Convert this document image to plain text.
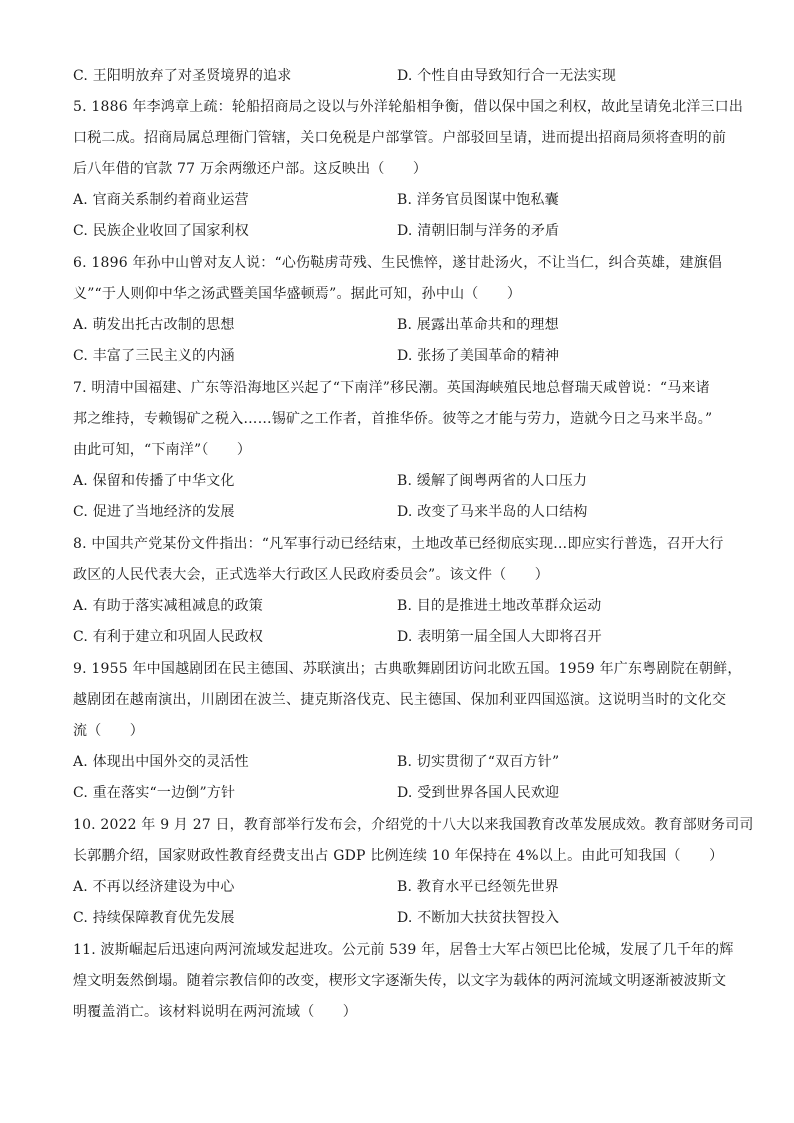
C. 王阳明放弃了对圣贤境界的追求	D. 个性自由导致知行合一无法实现
5. 1886 年李鸿章上疏：轮船招商局之设以与外洋轮船相争衡，借以保中国之利权，故此呈请免北洋三口出
口税二成。招商局属总理衙门管辖，关口免税是户部掌管。户部驳回呈请，进而提出招商局须将查明的前
后八年借的官款 77 万余两缴还户部。这反映出（　　）
A. 官商关系制约着商业运营	B. 洋务官员图谋中饱私囊
C. 民族企业收回了国家利权	D. 清朝旧制与洋务的矛盾
6. 1896 年孙中山曾对友人说：“心伤鞑虏苛残、生民憔悴，遂甘赴汤火，不让当仁，纠合英雄，建旗倡
义”“于人则仰中华之汤武暨美国华盛顿焉”。据此可知，孙中山（　　）
A. 萌发出托古改制的思想	B. 展露出革命共和的理想
C. 丰富了三民主义的内涵	D. 张扬了美国革命的精神
7. 明清中国福建、广东等沿海地区兴起了“下南洋”移民潮。英国海峡殖民地总督瑞天咸曾说：“马来诸
邦之维持，专赖锡矿之税入……锡矿之工作者，首推华侨。彼等之才能与劳力，造就今日之马来半岛。”
由此可知，“下南洋”（　　）
A. 保留和传播了中华文化	B. 缓解了闽粤两省的人口压力
C. 促进了当地经济的发展	D. 改变了马来半岛的人口结构
8. 中国共产党某份文件指出：“凡军事行动已经结束，土地改革已经彻底实现…即应实行普选，召开大行
政区的人民代表大会，正式选举大行政区人民政府委员会”。该文件（　　）
A. 有助于落实减租减息的政策	B. 目的是推进土地改革群众运动
C. 有利于建立和巩固人民政权	D. 表明第一届全国人大即将召开
9. 1955 年中国越剧团在民主德国、苏联演出；古典歌舞剧团访问北欧五国。1959 年广东粤剧院在朝鲜，
越剧团在越南演出，川剧团在波兰、捷克斯洛伐克、民主德国、保加利亚四国巡演。这说明当时的文化交
流（　　）
A. 体现出中国外交的灵活性	B. 切实贯彻了“双百方针”
C. 重在落实“一边倒”方针	D. 受到世界各国人民欢迎
10. 2022 年 9 月 27 日，教育部举行发布会，介绍党的十八大以来我国教育改革发展成效。教育部财务司司
长郭鹏介绍，国家财政性教育经费支出占 GDP 比例连续 10 年保持在 4%以上。由此可知我国（　　）
A. 不再以经济建设为中心	B. 教育水平已经领先世界
C. 持续保障教育优先发展	D. 不断加大扶贫扶智投入
11. 波斯崛起后迅速向两河流域发起进攻。公元前 539 年，居鲁士大军占领巴比伦城，发展了几千年的辉
煌文明轰然倒塌。随着宗教信仰的改变，楔形文字逐渐失传，以文字为载体的两河流域文明逐渐被波斯文
明覆盖消亡。该材料说明在两河流域（　　）
